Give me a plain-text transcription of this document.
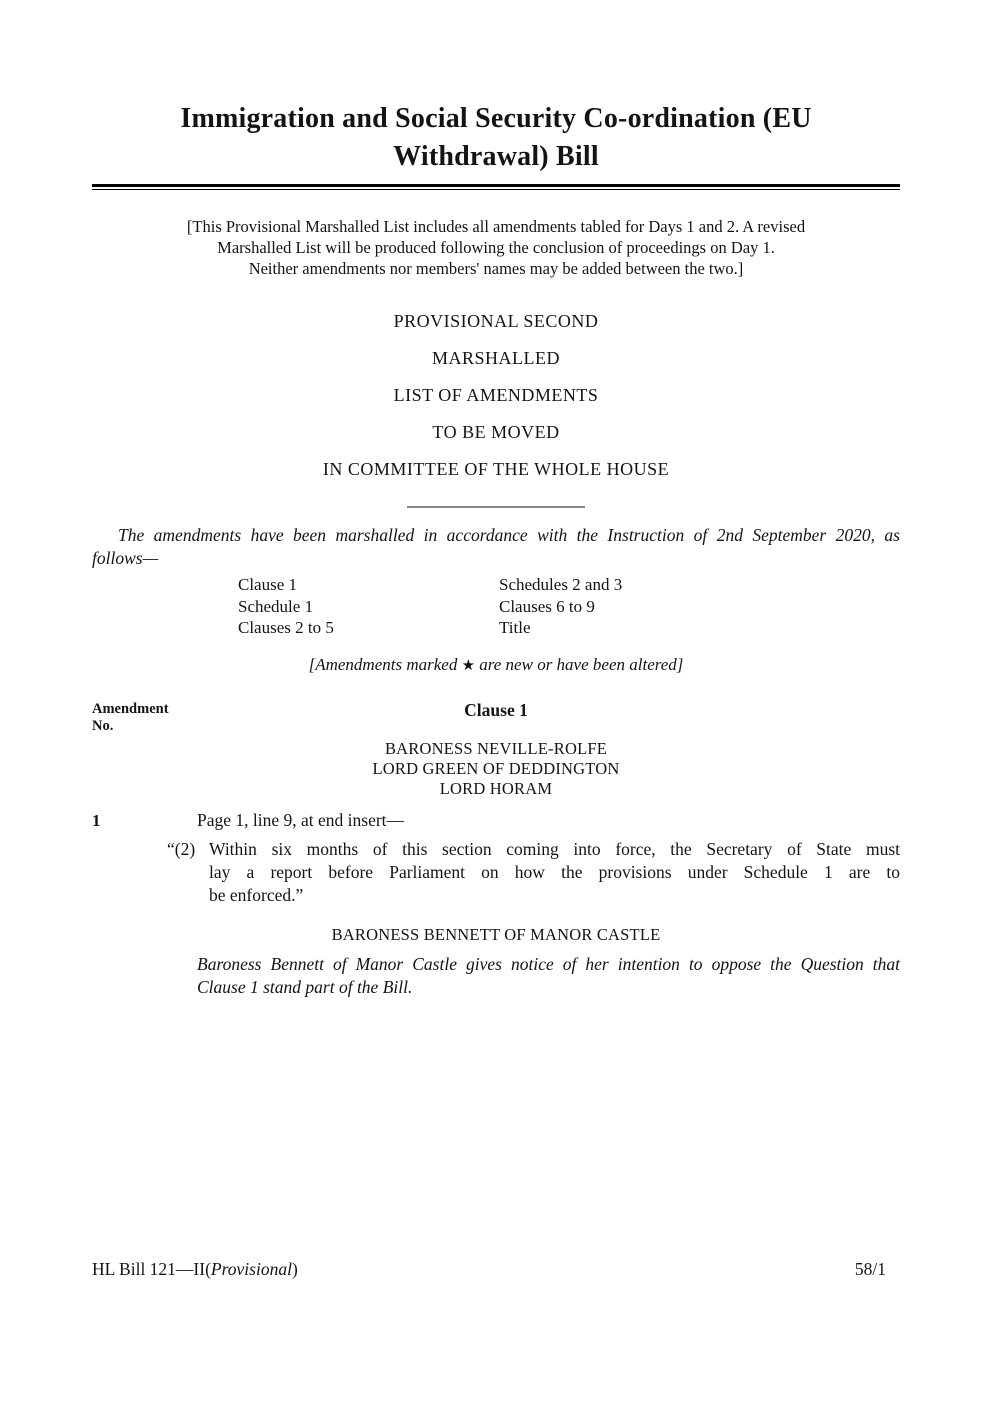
Immigration and Social Security Co-ordination (EU
Withdrawal) Bill
[This Provisional Marshalled List includes all amendments tabled for Days 1 and 2. A revised
Marshalled List will be produced following the conclusion of proceedings on Day 1.
Neither amendments nor members' names may be added between the two.]
PROVISIONAL SECOND
MARSHALLED
LIST OF AMENDMENTS
TO BE MOVED
IN COMMITTEE OF THE WHOLE HOUSE
The amendments have been marshalled in accordance with the Instruction of 2nd September 2020, as
follows—
Clause 1
Schedule 1
Clauses 2 to 5
Schedules 2 and 3
Clauses 6 to 9
Title
[Amendments marked ★ are new or have been altered]
Amendment
No.
Clause 1
BARONESS NEVILLE-ROLFE
LORD GREEN OF DEDDINGTON
LORD HORAM
1	Page 1, line 9, at end insert—
“(2) Within six months of this section coming into force, the Secretary of State must
lay a report before Parliament on how the provisions under Schedule 1 are to
be enforced.”
BARONESS BENNETT OF MANOR CASTLE
Baroness Bennett of Manor Castle gives notice of her intention to oppose the Question that
Clause 1 stand part of the Bill.
HL Bill 121—II(Provisional)	58/1
